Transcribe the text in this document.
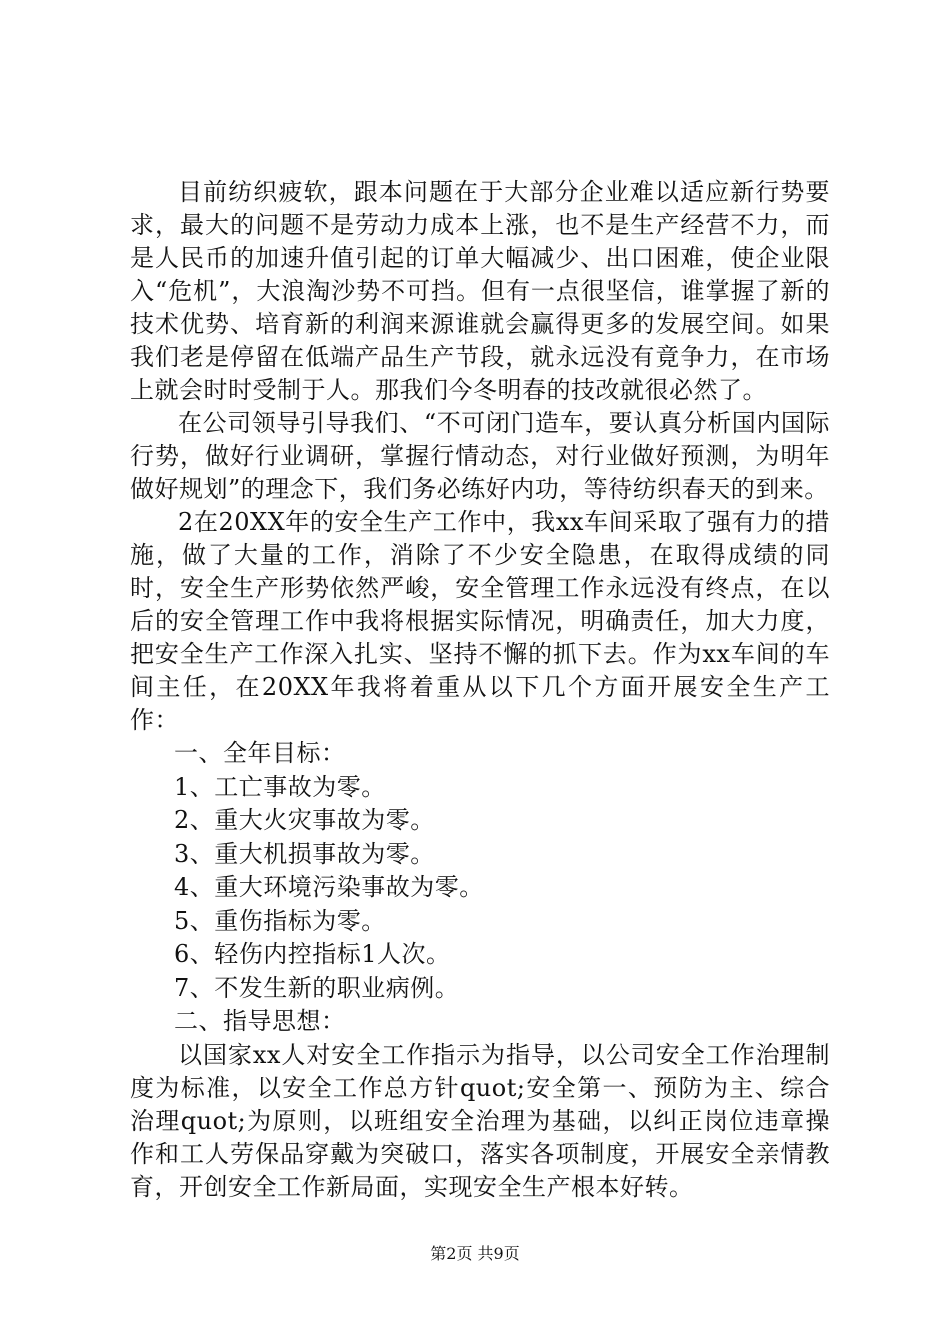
目前纺织疲软，跟本问题在于大部分企业难以适应新行势要求，最大的问题不是劳动力成本上涨，也不是生产经营不力，而是人民币的加速升值引起的订单大幅减少、出口困难，使企业限入“危机”，大浪淘沙势不可挡。但有一点很坚信，谁掌握了新的技术优势、培育新的利润来源谁就会赢得更多的发展空间。如果我们老是停留在低端产品生产节段，就永远没有竟争力，在市场上就会时时受制于人。那我们今冬明春的技改就很必然了。

在公司领导引导我们、“不可闭门造车，要认真分析国内国际行势，做好行业调研，掌握行情动态，对行业做好预测，为明年做好规划”的理念下，我们务必练好内功，等待纺织春天的到来。

2在20XX年的安全生产工作中，我xx车间采取了强有力的措施，做了大量的工作，消除了不少安全隐患，在取得成绩的同时，安全生产形势依然严峻，安全管理工作永远没有终点，在以后的安全管理工作中我将根据实际情况，明确责任，加大力度，把安全生产工作深入扎实、坚持不懈的抓下去。作为xx车间的车间主任，在20XX年我将着重从以下几个方面开展安全生产工作：

一、全年目标：

1、工亡事故为零。

2、重大火灾事故为零。

3、重大机损事故为零。

4、重大环境污染事故为零。

5、重伤指标为零。

6、轻伤内控指标1人次。

7、不发生新的职业病例。

二、指导思想：

以国家xx人对安全工作指示为指导，以公司安全工作治理制度为标准，以安全工作总方针quot;安全第一、预防为主、综合治理quot;为原则，以班组安全治理为基础，以纠正岗位违章操作和工人劳保品穿戴为突破口，落实各项制度，开展安全亲情教育，开创安全工作新局面，实现安全生产根本好转。

第2页 共9页
